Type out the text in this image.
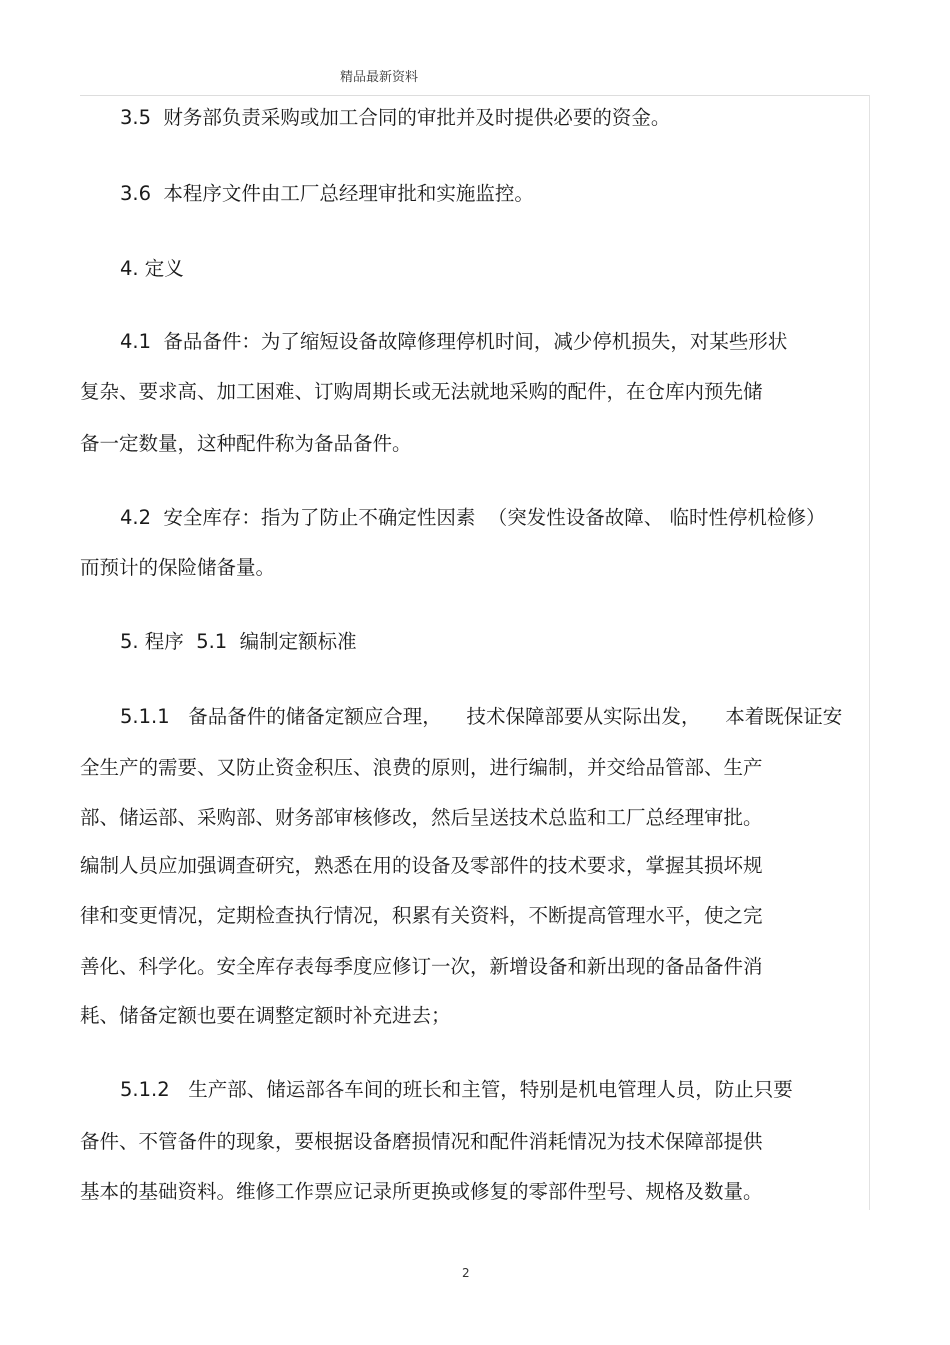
精品最新资料
3.5  财务部负责采购或加工合同的审批并及时提供必要的资金。
3.6  本程序文件由工厂总经理审批和实施监控。
4. 定义
4.1  备品备件：为了缩短设备故障修理停机时间，减少停机损失，对某些形状
复杂、要求高、加工困难、订购周期长或无法就地采购的配件，在仓库内预先储
备一定数量，这种配件称为备品备件。
4.2  安全库存：指为了防止不确定性因素  （突发性设备故障、 临时性停机检修）
而预计的保险储备量。
5. 程序  5.1  编制定额标准
5.1.1   备品备件的储备定额应合理，    技术保障部要从实际出发，    本着既保证安
全生产的需要、又防止资金积压、浪费的原则，进行编制，并交给品管部、生产
部、储运部、采购部、财务部审核修改，然后呈送技术总监和工厂总经理审批。
编制人员应加强调查研究，熟悉在用的设备及零部件的技术要求，掌握其损坏规
律和变更情况，定期检查执行情况，积累有关资料，不断提高管理水平，使之完
善化、科学化。安全库存表每季度应修订一次，新增设备和新出现的备品备件消
耗、储备定额也要在调整定额时补充进去；
5.1.2   生产部、储运部各车间的班长和主管，特别是机电管理人员，防止只要
备件、不管备件的现象，要根据设备磨损情况和配件消耗情况为技术保障部提供
基本的基础资料。维修工作票应记录所更换或修复的零部件型号、规格及数量。
2
